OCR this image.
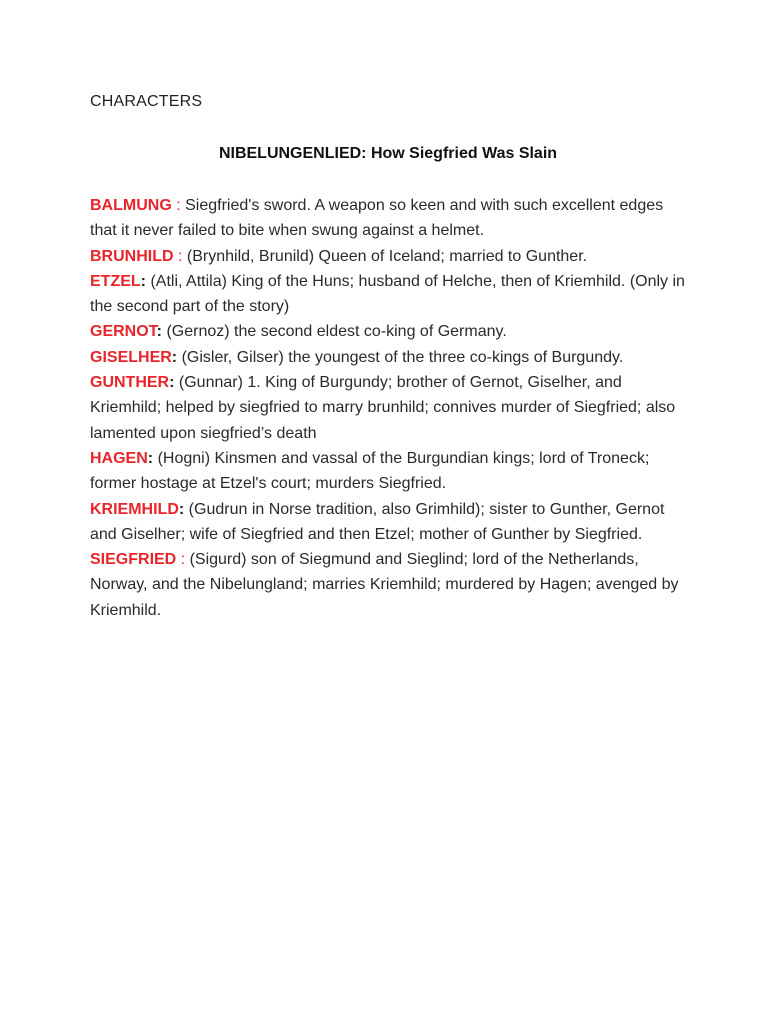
CHARACTERS
NIBELUNGENLIED: How Siegfried Was Slain

BALMUNG : Siegfried's sword. A weapon so keen and with such excellent edges that it never failed to bite when swung against a helmet.

BRUNHILD : (Brynhild, Brunild) Queen of Iceland; married to Gunther.

ETZEL: (Atli, Attila) King of the Huns; husband of Helche, then of Kriemhild. (Only in the second part of the story)

GERNOT: (Gernoz) the second eldest co-king of Germany.

GISELHER: (Gisler, Gilser) the youngest of the three co-kings of Burgundy.

GUNTHER: (Gunnar) 1. King of Burgundy; brother of Gernot, Giselher, and Kriemhild; helped by siegfried to marry brunhild; connives murder of Siegfried; also lamented upon siegfried’s death

HAGEN: (Hogni) Kinsmen and vassal of the Burgundian kings; lord of Troneck; former hostage at Etzel's court; murders Siegfried.

KRIEMHILD: (Gudrun in Norse tradition, also Grimhild); sister to Gunther, Gernot and Giselher; wife of Siegfried and then Etzel; mother of Gunther by Siegfried.

SIEGFRIED : (Sigurd) son of Siegmund and Sieglind; lord of the Netherlands, Norway, and the Nibelungland; marries Kriemhild; murdered by Hagen; avenged by Kriemhild.
